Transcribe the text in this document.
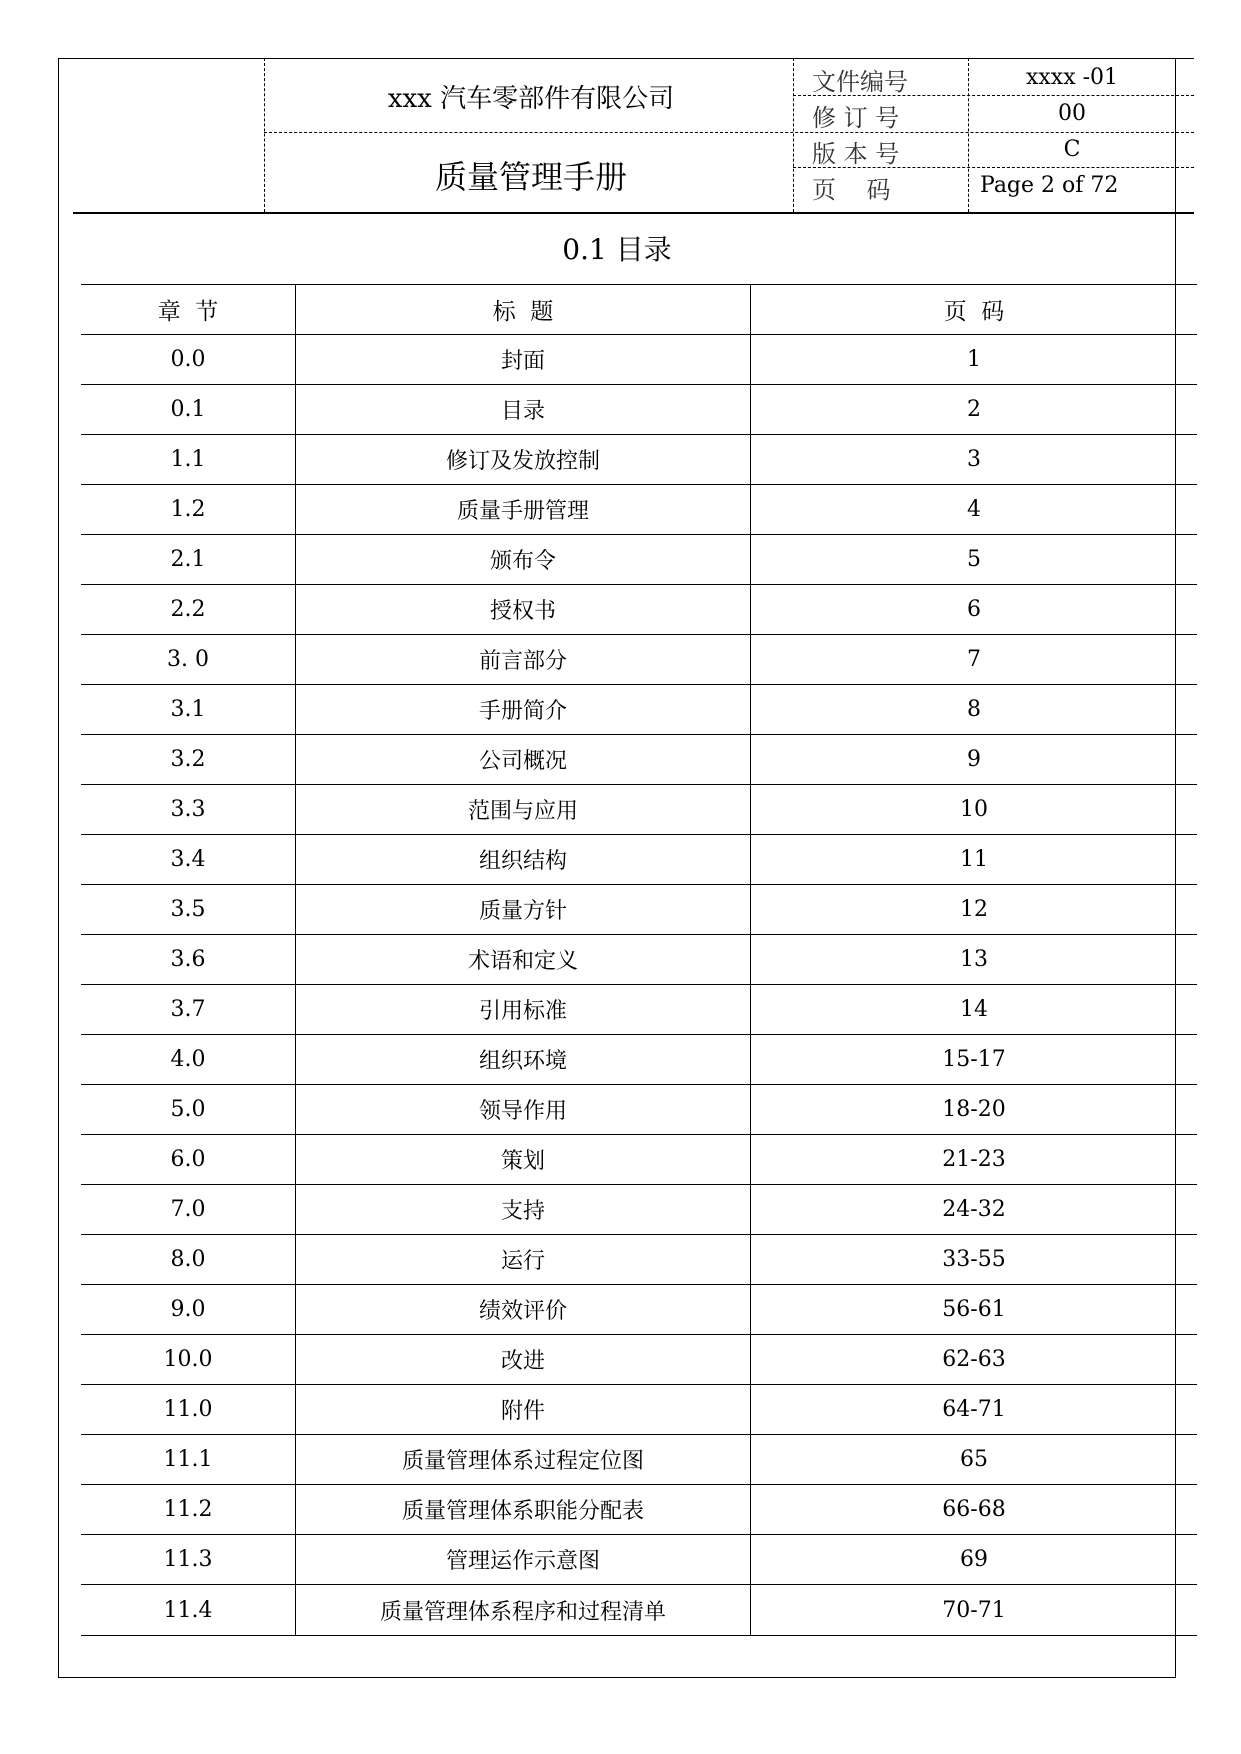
xxx 汽车零部件有限公司
质量管理手册
文件编号	xxxx -01
修 订 号	00
版 本 号	C
页    码	Page 2 of 72
0.1 目录
章  节	标  题	页  码
0.0	封面	1
0.1	目录	2
1.1	修订及发放控制	3
1.2	质量手册管理	4
2.1	颁布令	5
2.2	授权书	6
3. 0	前言部分	7
3.1	手册简介	8
3.2	公司概况	9
3.3	范围与应用	10
3.4	组织结构	11
3.5	质量方针	12
3.6	术语和定义	13
3.7	引用标准	14
4.0	组织环境	15-17
5.0	领导作用	18-20
6.0	策划	21-23
7.0	支持	24-32
8.0	运行	33-55
9.0	绩效评价	56-61
10.0	改进	62-63
11.0	附件	64-71
11.1	质量管理体系过程定位图	65
11.2	质量管理体系职能分配表	66-68
11.3	管理运作示意图	69
11.4	质量管理体系程序和过程清单	70-71
